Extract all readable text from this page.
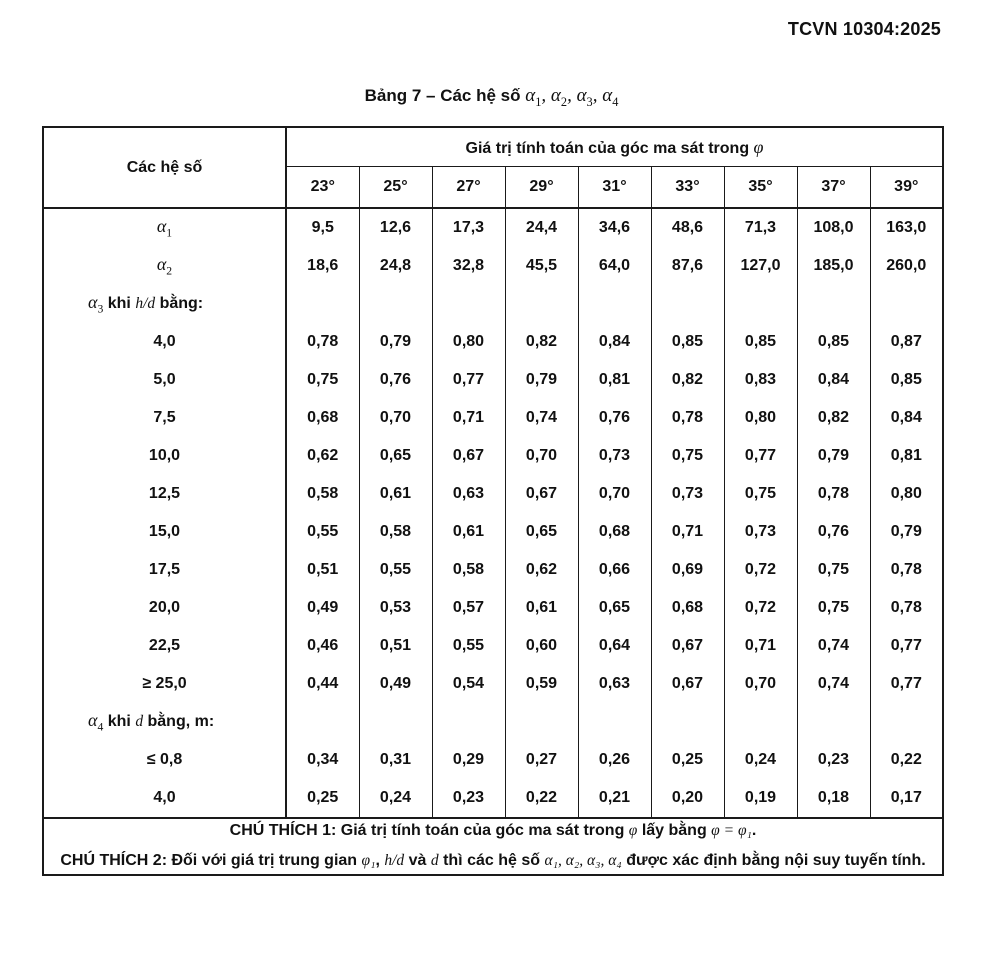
TCVN 10304:2025
Bảng 7 – Các hệ số $\alpha_1$, $\alpha_2$, $\alpha_3$, $\alpha_4$
Các hệ số	Giá trị tính toán của góc ma sát trong φ								
	23°	25°	27°	29°	31°	33°	35°	37°	39°
$\alpha_1$	9,5	12,6	17,3	24,4	34,6	48,6	71,3	108,0	163,0
$\alpha_2$	18,6	24,8	32,8	45,5	64,0	87,6	127,0	185,0	260,0
$\alpha_3$ khi h/d bằng:									
4,0	0,78	0,79	0,80	0,82	0,84	0,85	0,85	0,85	0,87
5,0	0,75	0,76	0,77	0,79	0,81	0,82	0,83	0,84	0,85
7,5	0,68	0,70	0,71	0,74	0,76	0,78	0,80	0,82	0,84
10,0	0,62	0,65	0,67	0,70	0,73	0,75	0,77	0,79	0,81
12,5	0,58	0,61	0,63	0,67	0,70	0,73	0,75	0,78	0,80
15,0	0,55	0,58	0,61	0,65	0,68	0,71	0,73	0,76	0,79
17,5	0,51	0,55	0,58	0,62	0,66	0,69	0,72	0,75	0,78
20,0	0,49	0,53	0,57	0,61	0,65	0,68	0,72	0,75	0,78
22,5	0,46	0,51	0,55	0,60	0,64	0,67	0,71	0,74	0,77
≥ 25,0	0,44	0,49	0,54	0,59	0,63	0,67	0,70	0,74	0,77
$\alpha_4$ khi d bằng, m:									
≤ 0,8	0,34	0,31	0,29	0,27	0,26	0,25	0,24	0,23	0,22
4,0	0,25	0,24	0,23	0,22	0,21	0,20	0,19	0,18	0,17

CHÚ THÍCH 1: Giá trị tính toán của góc ma sát trong φ lấy bằng φ = φ₁.
CHÚ THÍCH 2: Đối với giá trị trung gian φ₁, h/d và d thì các hệ số α₁, α₂, α₃, α₄ được xác định bằng nội suy tuyến tính.									
